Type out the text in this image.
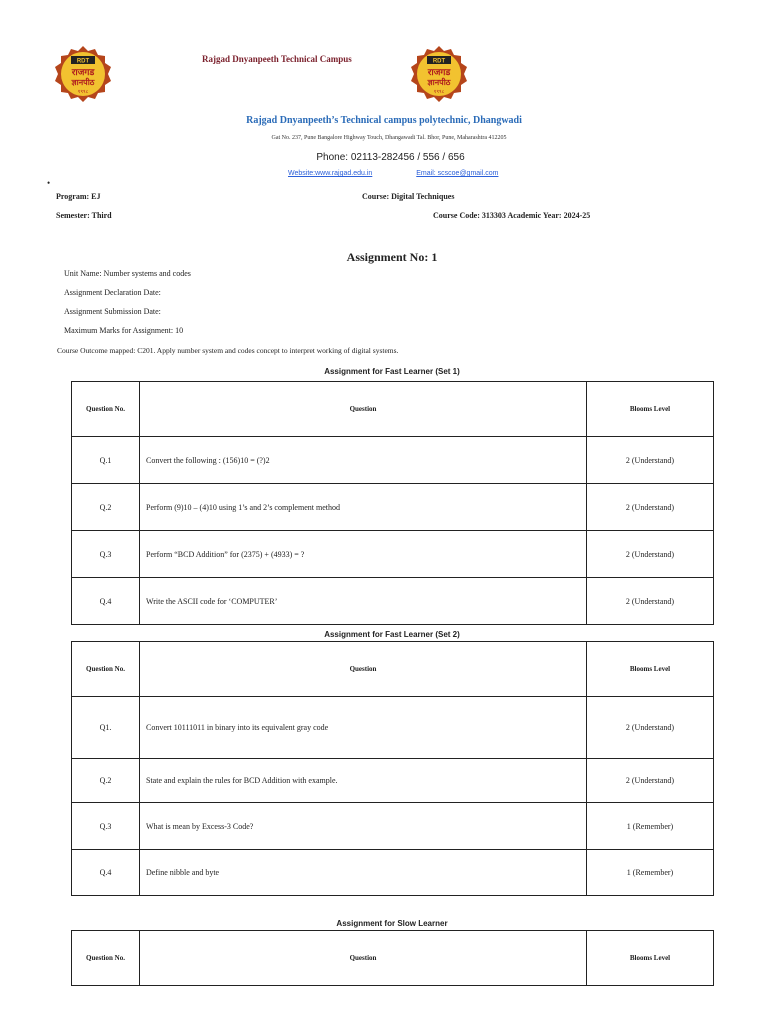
RDT
राजगड
ज्ञानपीठ
१९९८
RDT
राजगड
ज्ञानपीठ
१९९८
Rajgad Dnyanpeeth Technical Campus
Rajgad Dnyanpeeth’s Technical campus polytechnic, Dhangwadi
Gat No. 237, Pune Bangalore Highway Touch, Dhangawadi Tal. Bhor, Pune, Maharashtra 412205
Phone: 02113-282456 / 556 / 656
Website:www.rajgad.edu.in	Email: scscoe@gmail.com
•
Program: EJ	Course: Digital Techniques
Semester: Third	Course Code: 313303 Academic Year: 2024-25
Assignment No: 1
Unit Name: Number systems and codes
Assignment Declaration Date:
Assignment Submission Date:
Maximum Marks for Assignment: 10
Course Outcome mapped: C201. Apply number system and codes concept to interpret working of digital systems.
Assignment for Fast Learner (Set 1)
Question No.	Question	Blooms Level
Q.1	Convert the following : (156)10 = (?)2	2 (Understand)
Q.2	Perform (9)10 – (4)10 using 1’s and 2’s complement method	2 (Understand)
Q.3	Perform “BCD Addition” for (2375) + (4933) = ?	2 (Understand)
Q.4	Write the ASCII code for ‘COMPUTER’	2 (Understand)
Assignment for Fast Learner (Set 2)
Question No.	Question	Blooms Level
Q1.	Convert 10111011 in binary into its equivalent gray code	2 (Understand)
Q.2	State and explain the rules for BCD Addition with example.	2 (Understand)
Q.3	What is mean by Excess-3 Code?	1 (Remember)
Q.4	Define nibble and byte	1 (Remember)
Assignment for Slow Learner
Question No.	Question	Blooms Level
